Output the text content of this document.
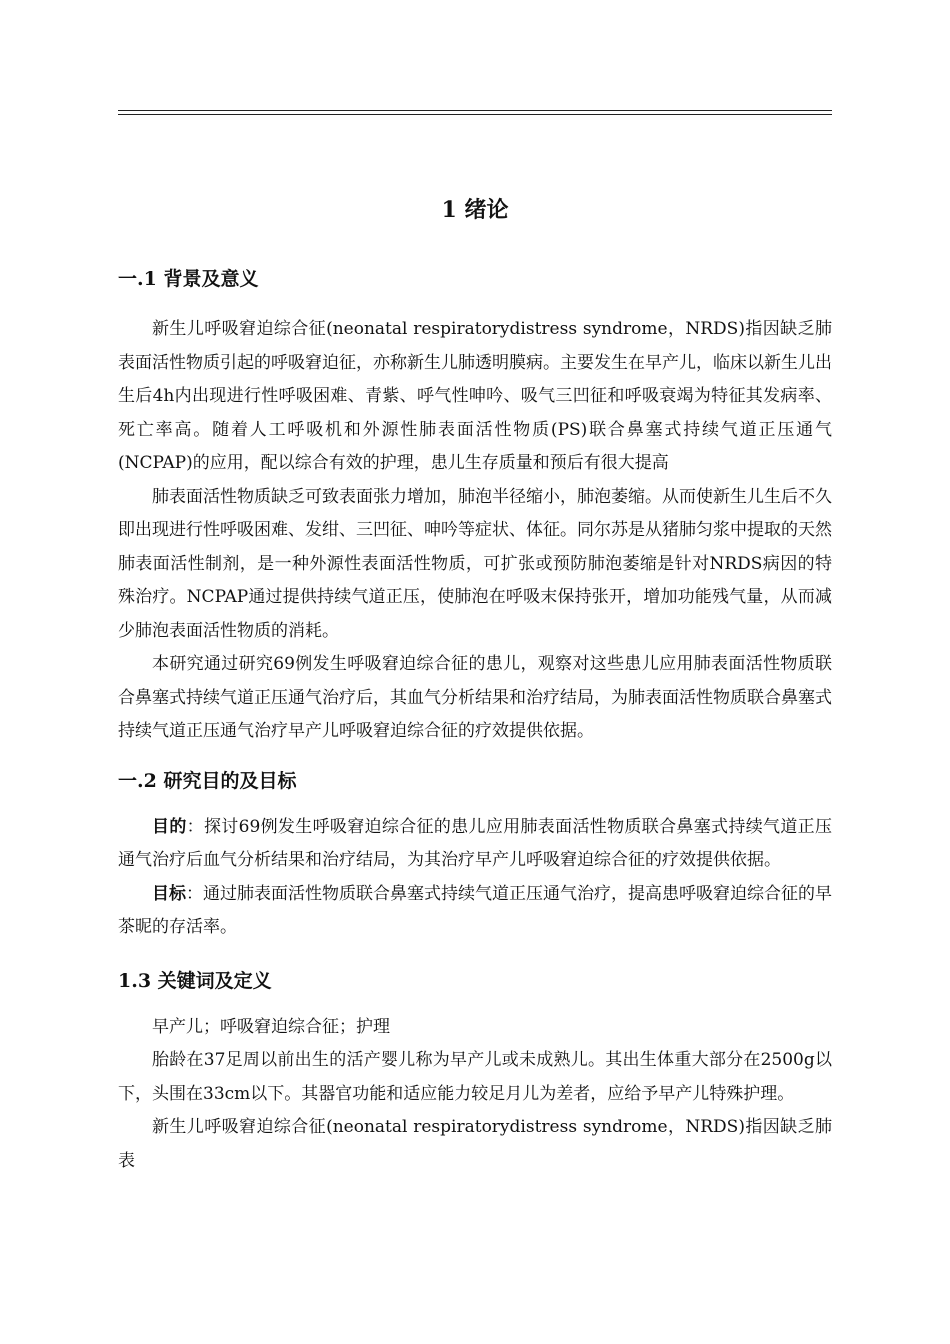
1 绪论
一.1 背景及意义

新生儿呼吸窘迫综合征(neonatal respiratorydistress syndrome，NRDS)指因缺乏肺表面活性物质引起的呼吸窘迫征，亦称新生儿肺透明膜病。主要发生在早产儿，临床以新生儿出生后4h内出现进行性呼吸困难、青紫、呼气性呻吟、吸气三凹征和呼吸衰竭为特征其发病率、死亡率高。随着人工呼吸机和外源性肺表面活性物质(PS)联合鼻塞式持续气道正压通气(NCPAP)的应用，配以综合有效的护理，患儿生存质量和预后有很大提高

肺表面活性物质缺乏可致表面张力增加，肺泡半径缩小，肺泡萎缩。从而使新生儿生后不久即出现进行性呼吸困难、发绀、三凹征、呻吟等症状、体征。同尔苏是从猪肺匀浆中提取的天然肺表面活性制剂，是一种外源性表面活性物质，可扩张或预防肺泡萎缩是针对NRDS病因的特殊治疗。NCPAP通过提供持续气道正压，使肺泡在呼吸末保持张开，增加功能残气量，从而减少肺泡表面活性物质的消耗。

本研究通过研究69例发生呼吸窘迫综合征的患儿，观察对这些患儿应用肺表面活性物质联合鼻塞式持续气道正压通气治疗后，其血气分析结果和治疗结局，为肺表面活性物质联合鼻塞式持续气道正压通气治疗早产儿呼吸窘迫综合征的疗效提供依据。

一.2 研究目的及目标

目的：探讨69例发生呼吸窘迫综合征的患儿应用肺表面活性物质联合鼻塞式持续气道正压通气治疗后血气分析结果和治疗结局，为其治疗早产儿呼吸窘迫综合征的疗效提供依据。

目标：通过肺表面活性物质联合鼻塞式持续气道正压通气治疗，提高患呼吸窘迫综合征的早茶昵的存活率。

1.3 关键词及定义

早产儿；呼吸窘迫综合征；护理

胎龄在37足周以前出生的活产婴儿称为早产儿或未成熟儿。其出生体重大部分在2500g以下，头围在33cm以下。其器官功能和适应能力较足月儿为差者，应给予早产儿特殊护理。

新生儿呼吸窘迫综合征(neonatal respiratorydistress syndrome，NRDS)指因缺乏肺表
